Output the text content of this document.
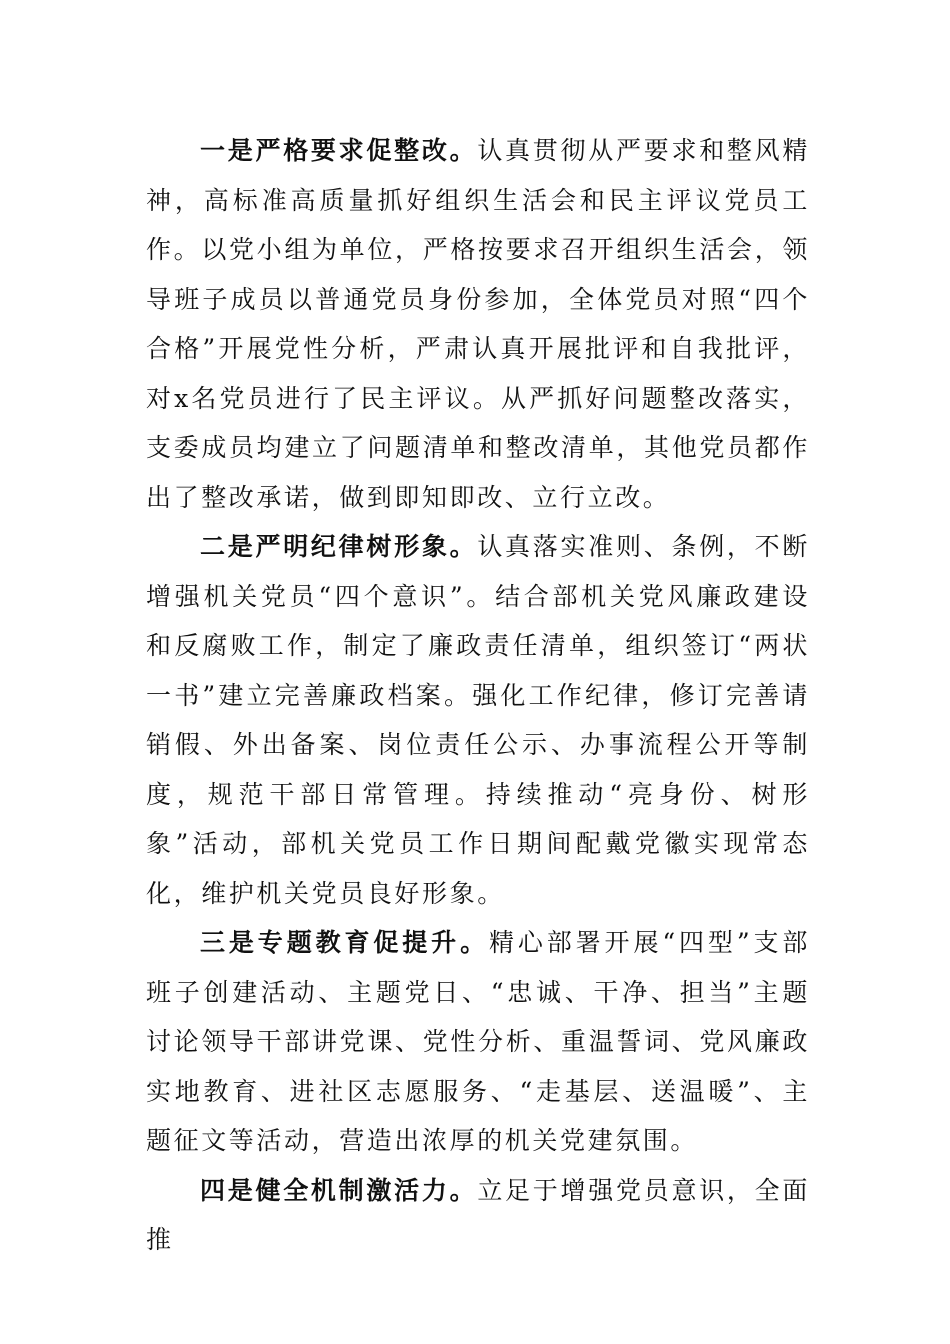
一是严格要求促整改。认真贯彻从严要求和整风精神，高标准高质量抓好组织生活会和民主评议党员工作。以党小组为单位，严格按要求召开组织生活会，领导班子成员以普通党员身份参加，全体党员对照“四个合格”开展党性分析，严肃认真开展批评和自我批评，对x名党员进行了民主评议。从严抓好问题整改落实，支委成员均建立了问题清单和整改清单，其他党员都作出了整改承诺，做到即知即改、立行立改。

二是严明纪律树形象。认真落实准则、条例，不断增强机关党员“四个意识”。结合部机关党风廉政建设和反腐败工作，制定了廉政责任清单，组织签订“两状一书”建立完善廉政档案。强化工作纪律，修订完善请销假、外出备案、岗位责任公示、办事流程公开等制度，规范干部日常管理。持续推动“亮身份、树形象”活动，部机关党员工作日期间配戴党徽实现常态化，维护机关党员良好形象。

三是专题教育促提升。精心部署开展“四型”支部班子创建活动、主题党日、“忠诚、干净、担当”主题讨论领导干部讲党课、党性分析、重温誓词、党风廉政实地教育、进社区志愿服务、“走基层、送温暖”、主题征文等活动，营造出浓厚的机关党建氛围。

四是健全机制激活力。立足于增强党员意识，全面推
